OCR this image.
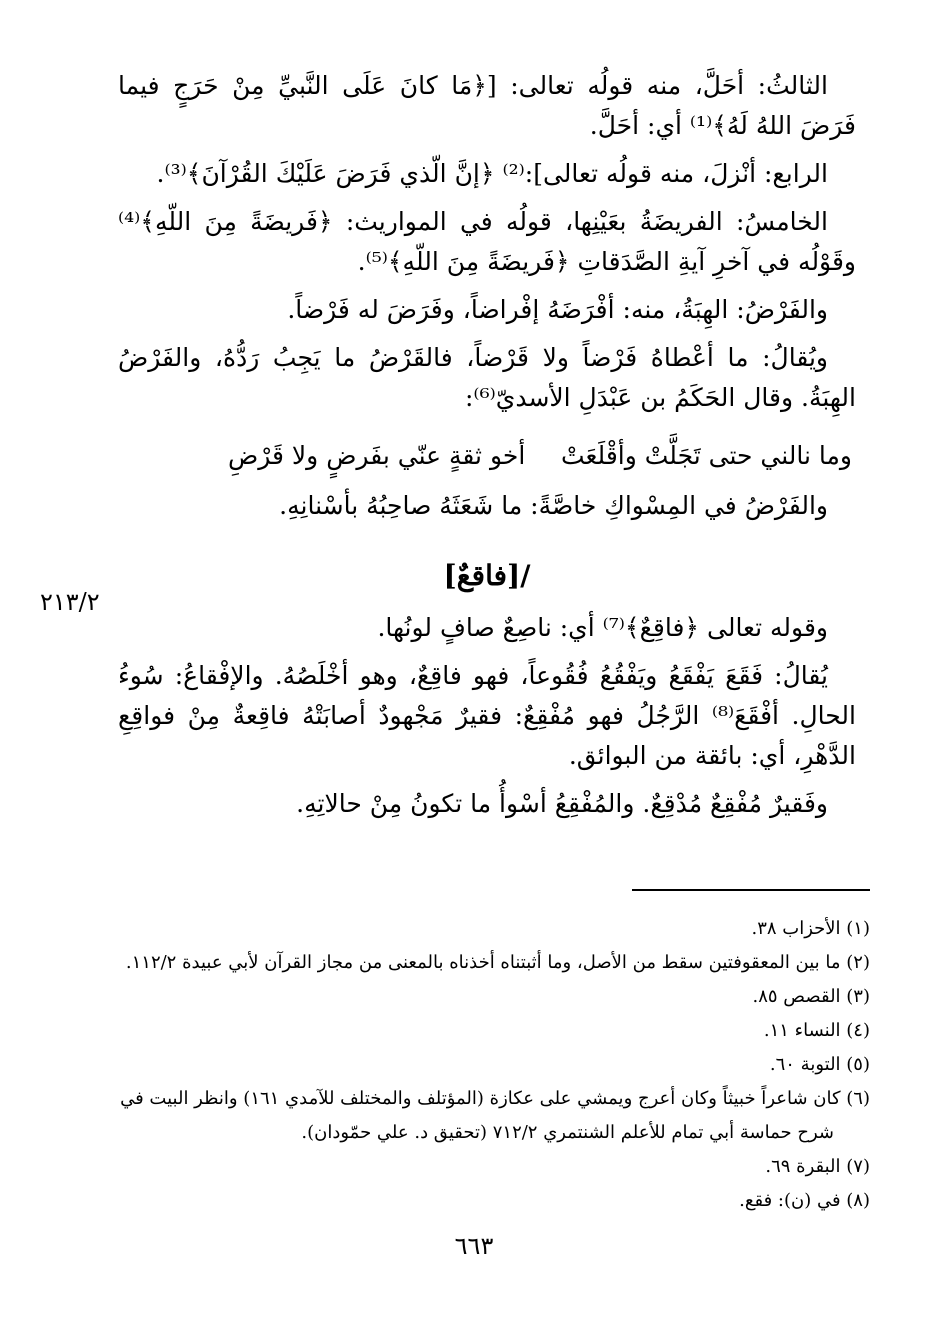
٢١٣/٢

الثالثُ: أحَلَّ، منه قولُه تعالى: [﴿مَا كانَ عَلَى النَّبيِّ مِنْ حَرَجٍ فيما فَرَضَ اللهُ لَهُ﴾⁽¹⁾ أي: أحَلَّ.

الرابع: أنْزلَ، منه قولُه تعالى]:⁽²⁾ ﴿إنَّ الّذي فَرَضَ عَلَيْكَ القُرْآنَ﴾⁽³⁾.

الخامسُ: الفريضَةُ بعَيْنِها، قولُه في المواريث: ﴿فَريضَةً مِنَ اللّهِ﴾⁽⁴⁾ وقَوْلُه في آخرِ آيةِ الصَّدَقاتِ ﴿فَريضَةً مِنَ اللّهِ﴾⁽⁵⁾.

والفَرْضُ: الهِبَةُ، منه: أفْرَضَهُ إفْراضاً، وفَرَضَ له فَرْضاً.

ويُقالُ: ما أعْطاهُ فَرْضاً ولا قَرْضاً، فالقَرْضُ ما يَجِبُ رَدُّهُ، والفَرْضُ الهِبَةُ. وقال الحَكَمُ بن عَبْدَلِ الأسديّ⁽⁶⁾:

وما نالني حتى تَجَلَّتْ وأقْلَعَتْ
أخو ثقةٍ عنّي بفَرضٍ ولا قَرْضِ

والفَرْضُ في المِسْواكِ خاصَّةً: ما شَعَثَهُ صاحِبُهُ بأسْنانِهِ.

/[فاقعٌ]

وقوله تعالى ﴿فاقِعٌ﴾⁽⁷⁾ أي: ناصِعٌ صافٍ لونُها.

يُقالُ: فَقَعَ يَفْقَعُ ويَفْقُعُ فُقُوعاً، فهو فاقِعٌ، وهو أخْلَصُهُ. والإفْقاعُ: سُوءُ الحالِ. أفْقَعَ⁽⁸⁾ الرَّجُلُ فهو مُفْقِعٌ: فقيرٌ مَجْهودٌ أصابَتْهُ فاقِعةٌ مِنْ فواقِعِ الدَّهْرِ، أي: بائقة من البوائق.

وفَقيرٌ مُفْقِعٌ مُدْقِعٌ. والمُفْقِعُ أسْوأُ ما تكونُ مِنْ حالاتِهِ.

(١) الأحزاب ٣٨.

(٢) ما بين المعقوفتين سقط من الأصل، وما أثبتناه أخذناه بالمعنى من مجاز القرآن لأبي عبيدة ١١٢/٢.

(٣) القصص ٨٥.

(٤) النساء ١١.

(٥) التوبة ٦٠.

(٦) كان شاعراً خبيثاً وكان أعرج ويمشي على عكازة (المؤتلف والمختلف للآمدي ١٦١) وانظر البيت في

شرح حماسة أبي تمام للأعلم الشنتمري ٧١٢/٢ (تحقيق د. علي حمّودان).

(٧) البقرة ٦٩.

(٨) في (ن): فقع.

٦٦٣
